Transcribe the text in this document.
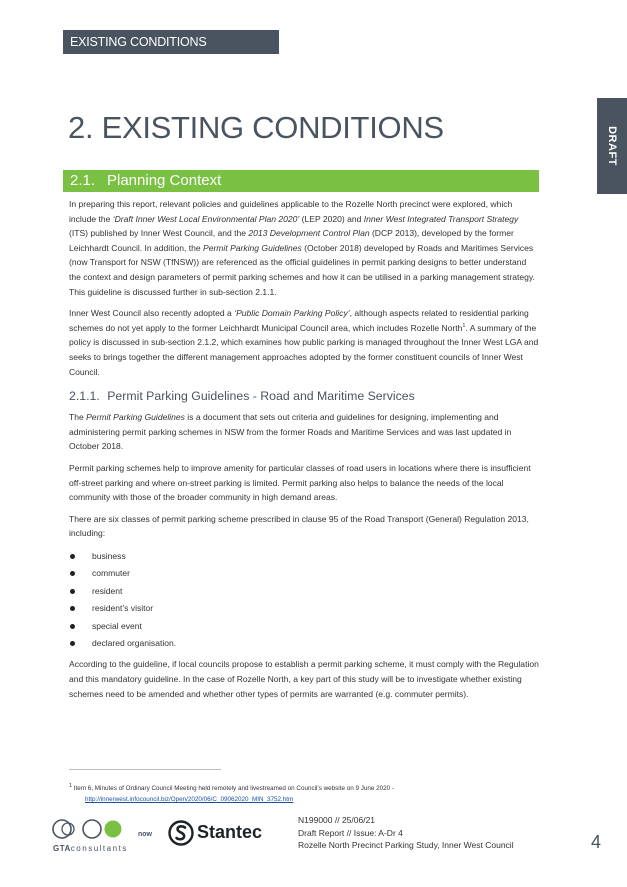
EXISTING CONDITIONS
DRAFT
2. EXISTING CONDITIONS
2.1. Planning Context

In preparing this report, relevant policies and guidelines applicable to the Rozelle North precinct were explored, which include the ‘Draft Inner West Local Environmental Plan 2020’ (LEP 2020) and Inner West Integrated Transport Strategy (ITS) published by Inner West Council, and the 2013 Development Control Plan (DCP 2013), developed by the former Leichhardt Council. In addition, the Permit Parking Guidelines (October 2018) developed by Roads and Maritimes Services (now Transport for NSW (TfNSW)) are referenced as the official guidelines in permit parking designs to better understand the context and design parameters of permit parking schemes and how it can be utilised in a parking management strategy. This guideline is discussed further in sub-section 2.1.1.

Inner West Council also recently adopted a ‘Public Domain Parking Policy’, although aspects related to residential parking schemes do not yet apply to the former Leichhardt Municipal Council area, which includes Rozelle North$^1$. A summary of the policy is discussed in sub-section 2.1.2, which examines how public parking is managed throughout the Inner West LGA and seeks to brings together the different management approaches adopted by the former constituent councils of Inner West Council.

2.1.1. Permit Parking Guidelines - Road and Maritime Services

The Permit Parking Guidelines is a document that sets out criteria and guidelines for designing, implementing and administering permit parking schemes in NSW from the former Roads and Maritime Services and was last updated in October 2018.

Permit parking schemes help to improve amenity for particular classes of road users in locations where there is insufficient off-street parking and where on-street parking is limited. Permit parking also helps to balance the needs of the local community with those of the broader community in high demand areas.

There are six classes of permit parking scheme prescribed in clause 95 of the Road Transport (General) Regulation 2013, including:

business
commuter
resident
resident’s visitor
special event
declared organisation.

According to the guideline, if local councils propose to establish a permit parking scheme, it must comply with the Regulation and this mandatory guideline. In the case of Rozelle North, a key part of this study will be to investigate whether existing schemes need to be amended and whether other types of permits are warranted (e.g. commuter permits).

$^1$ Item 6, Minutes of Ordinary Council Meeting held remotely and livestreamed on Council’s website on 9 June 2020 -
http://innerwest.infocouncil.biz/Open/2020/06/C_09062020_MIN_3752.htm
GTAconsultants
now	Stantec
N199000 // 25/06/21
Draft Report // Issue: A-Dr 4
Rozelle North Precinct Parking Study, Inner West Council	4
